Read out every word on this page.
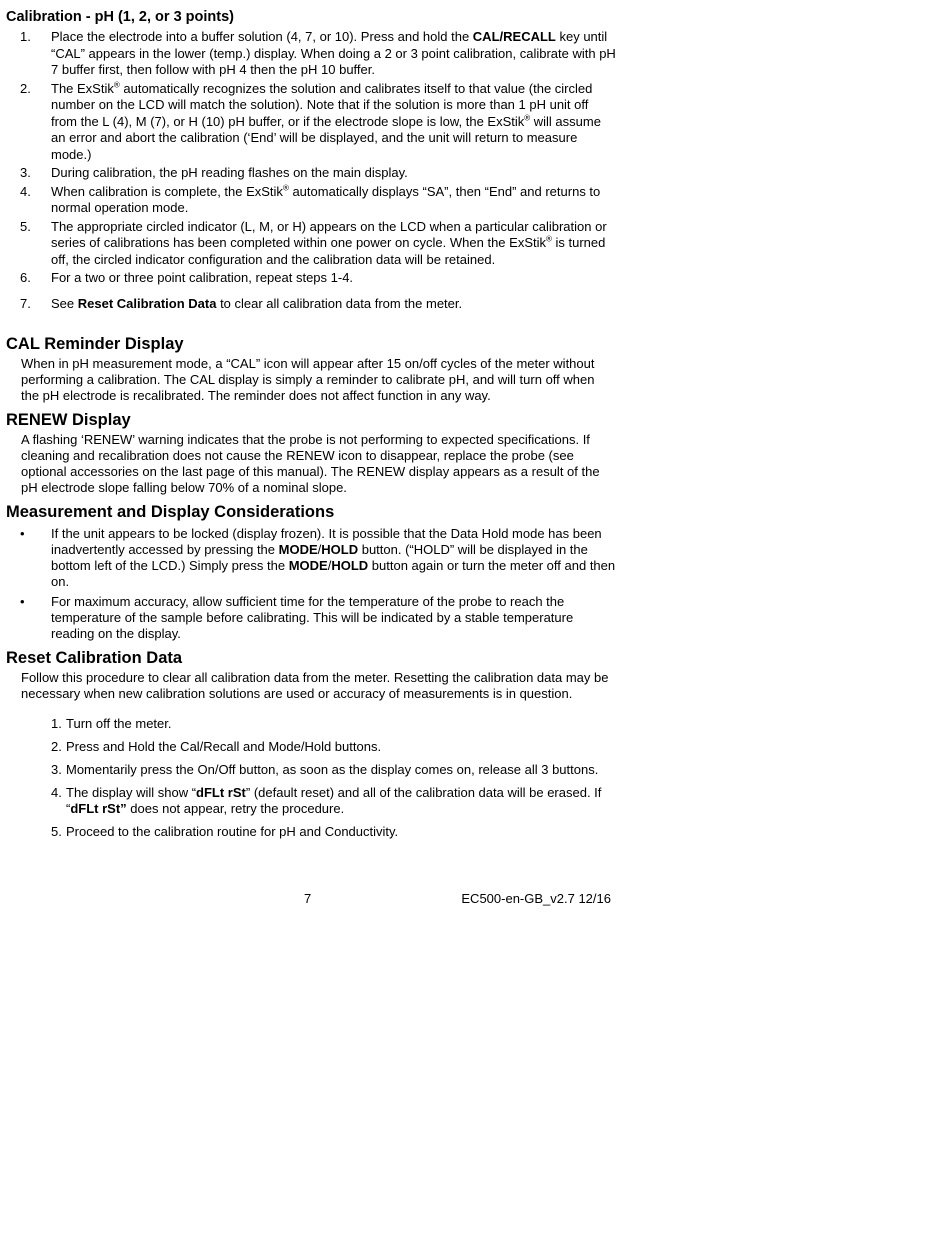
Calibration - pH (1, 2, or 3 points)
1. Place the electrode into a buffer solution (4, 7, or 10). Press and hold the CAL/RECALL key until “CAL” appears in the lower (temp.) display. When doing a 2 or 3 point calibration, calibrate with pH 7 buffer first, then follow with pH 4 then the pH 10 buffer.
2. The ExStik® automatically recognizes the solution and calibrates itself to that value (the circled number on the LCD will match the solution). Note that if the solution is more than 1 pH unit off from the L (4), M (7), or H (10) pH buffer, or if the electrode slope is low, the ExStik® will assume an error and abort the calibration (‘End’ will be displayed, and the unit will return to measure mode.)
3. During calibration, the pH reading flashes on the main display.
4. When calibration is complete, the ExStik® automatically displays “SA”, then “End” and returns to normal operation mode.
5. The appropriate circled indicator (L, M, or H) appears on the LCD when a particular calibration or series of calibrations has been completed within one power on cycle. When the ExStik® is turned off, the circled indicator configuration and the calibration data will be retained.
6. For a two or three point calibration, repeat steps 1-4.
7. See Reset Calibration Data to clear all calibration data from the meter.
CAL Reminder Display

When in pH measurement mode, a “CAL” icon will appear after 15 on/off cycles of the meter without performing a calibration. The CAL display is simply a reminder to calibrate pH, and will turn off when the pH electrode is recalibrated. The reminder does not affect function in any way.

RENEW Display

A flashing ‘RENEW’ warning indicates that the probe is not performing to expected specifications. If cleaning and recalibration does not cause the RENEW icon to disappear, replace the probe (see optional accessories on the last page of this manual). The RENEW display appears as a result of the pH electrode slope falling below 70% of a nominal slope.

Measurement and Display Considerations
• If the unit appears to be locked (display frozen). It is possible that the Data Hold mode has been inadvertently accessed by pressing the MODE/HOLD button. (“HOLD” will be displayed in the bottom left of the LCD.) Simply press the MODE/HOLD button again or turn the meter off and then on.
• For maximum accuracy, allow sufficient time for the temperature of the probe to reach the temperature of the sample before calibrating. This will be indicated by a stable temperature reading on the display.
Reset Calibration Data

Follow this procedure to clear all calibration data from the meter. Resetting the calibration data may be necessary when new calibration solutions are used or accuracy of measurements is in question.

1. Turn off the meter.
2. Press and Hold the Cal/Recall and Mode/Hold buttons.
3. Momentarily press the On/Off button, as soon as the display comes on, release all 3 buttons.
4. The display will show “dFLt rSt” (default reset) and all of the calibration data will be erased. If “dFLt rSt” does not appear, retry the procedure.
5. Proceed to the calibration routine for pH and Conductivity.
7	EC500-en-GB_v2.7 12/16
